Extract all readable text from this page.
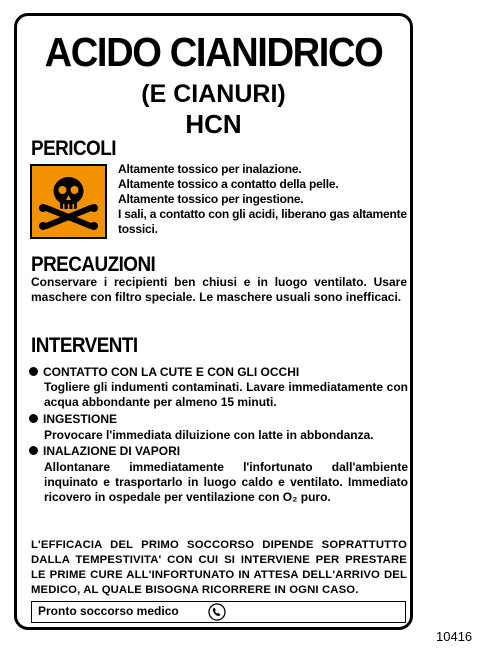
ACIDO CIANIDRICO
(E CIANURI)
HCN
PERICOLI
Altamente tossico per inalazione.
Altamente tossico a contatto della pelle.
Altamente tossico per ingestione.
I sali, a contatto con gli acidi, liberano gas altamente
tossici.
PRECAUZIONI
Conservare i recipienti ben chiusi e in luogo ventilato. Usare maschere con filtro speciale. Le maschere usuali sono inefficaci.
INTERVENTI
CONTATTO CON LA CUTE E CON GLI OCCHI
Togliere gli indumenti contaminati. Lavare immediatamente con acqua abbondante per almeno 15 minuti.
INGESTIONE
Provocare l'immediata diluizione con latte in abbondanza.
INALAZIONE DI VAPORI
Allontanare immediatamente l'infortunato dall'ambiente inquinato e trasportarlo in luogo caldo e ventilato. Immediato ricovero in ospedale per ventilazione con O₂ puro.
L'EFFICACIA DEL PRIMO SOCCORSO DIPENDE SOPRATTUTTO DALLA TEMPESTIVITA' CON CUI SI INTERVIENE PER PRESTARE LE PRIME CURE ALL'INFORTUNATO IN ATTESA DELL'ARRIVO DEL MEDICO, AL QUALE BISOGNA RICORRERE IN OGNI CASO.
Pronto soccorso medico
10416
